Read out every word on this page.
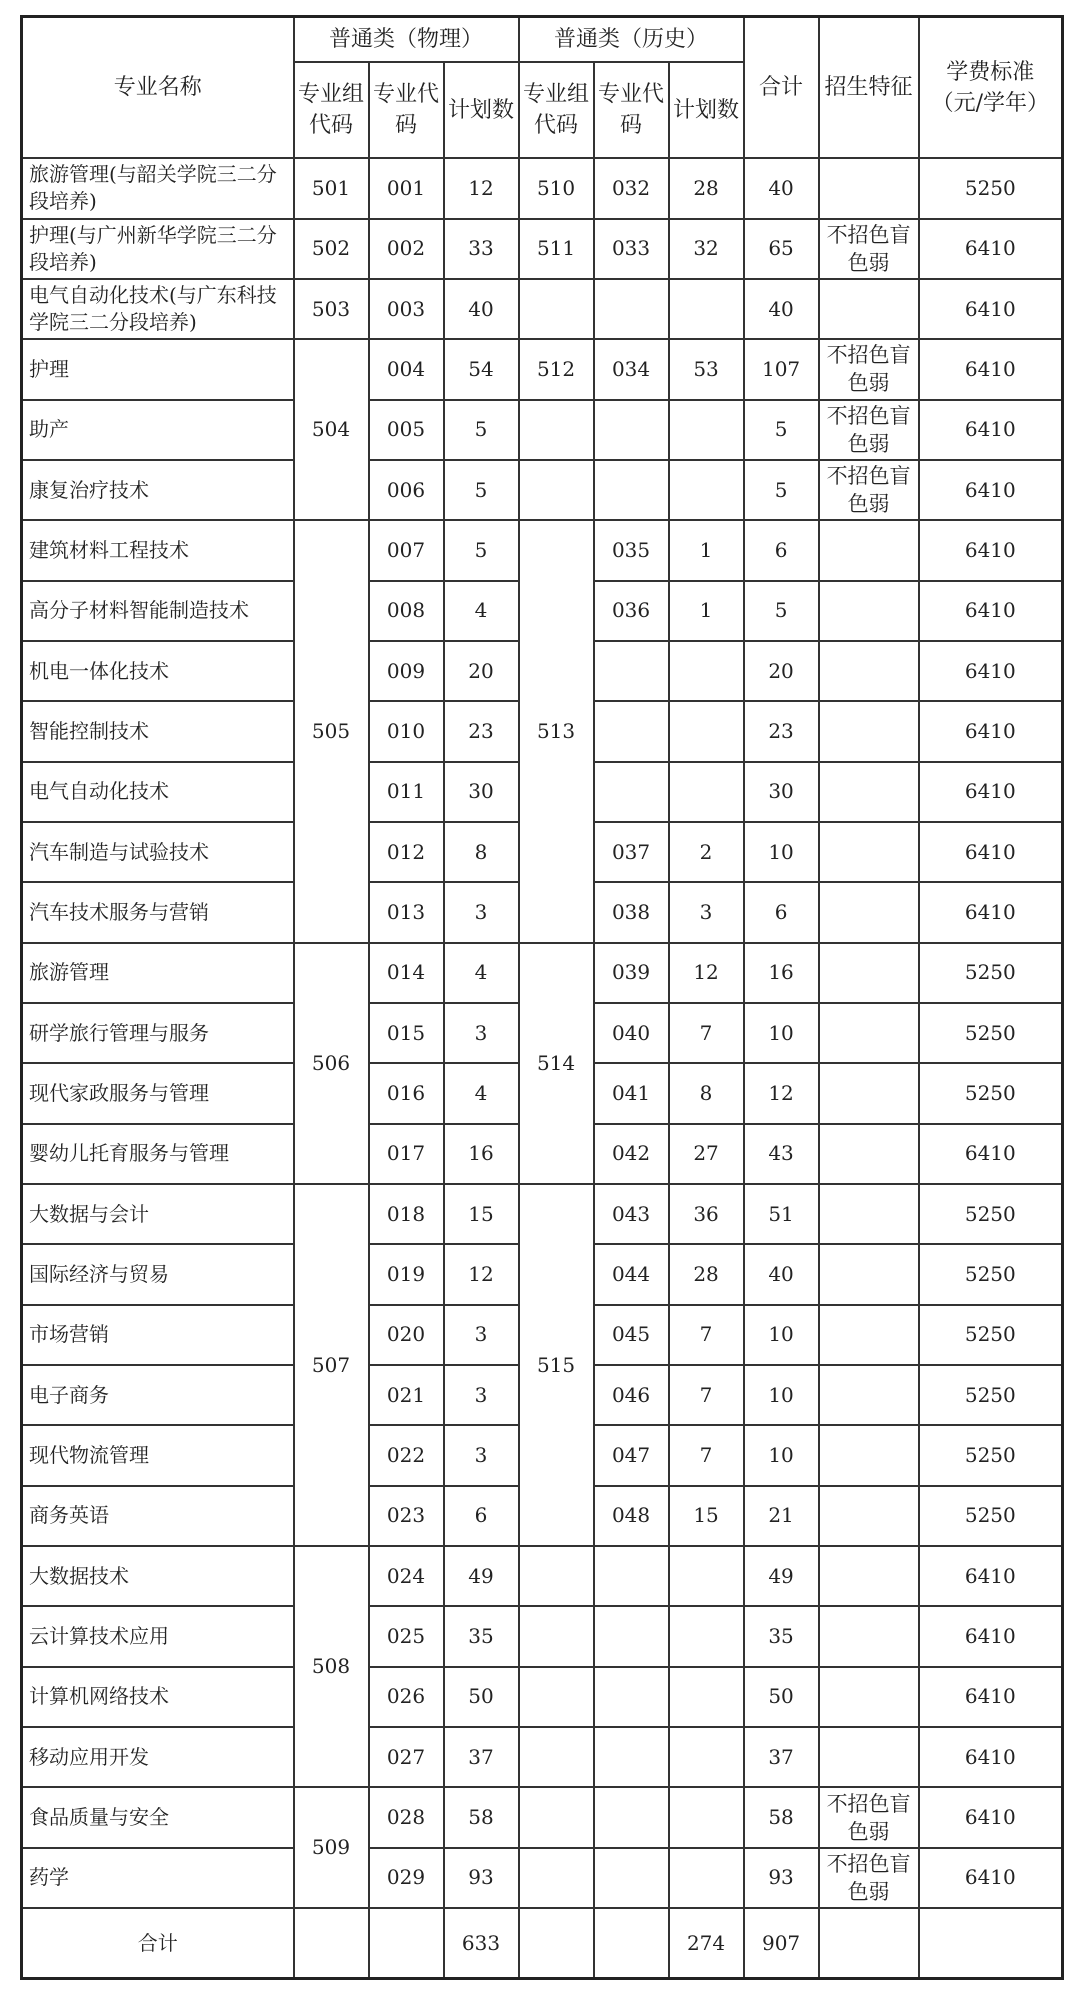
专业名称	普通类（物理）			普通类（历史）			合计	招生特征	学费标准（元/学年）
	专业组代码	专业代码	计划数	专业组代码	专业代码	计划数			
旅游管理(与韶关学院三二分段培养)	501	001	12	510	032	28	40		5250
护理(与广州新华学院三二分段培养)	502	002	33	511	033	32	65	不招色盲色弱	6410
电气自动化技术(与广东科技学院三二分段培养)	503	003	40				40		6410
护理	504	004	54	512	034	53	107	不招色盲色弱	6410
助产		005	5				5	不招色盲色弱	6410
康复治疗技术		006	5				5	不招色盲色弱	6410
建筑材料工程技术	505	007	5	513	035	1	6		6410
高分子材料智能制造技术		008	4		036	1	5		6410
机电一体化技术		009	20				20		6410
智能控制技术		010	23				23		6410
电气自动化技术		011	30				30		6410
汽车制造与试验技术		012	8		037	2	10		6410
汽车技术服务与营销		013	3		038	3	6		6410
旅游管理	506	014	4	514	039	12	16		5250
研学旅行管理与服务		015	3		040	7	10		5250
现代家政服务与管理		016	4		041	8	12		5250
婴幼儿托育服务与管理		017	16		042	27	43		6410
大数据与会计	507	018	15	515	043	36	51		5250
国际经济与贸易		019	12		044	28	40		5250
市场营销		020	3		045	7	10		5250
电子商务		021	3		046	7	10		5250
现代物流管理		022	3		047	7	10		5250
商务英语		023	6		048	15	21		5250
大数据技术	508	024	49				49		6410
云计算技术应用		025	35				35		6410
计算机网络技术		026	50				50		6410
移动应用开发		027	37				37		6410
食品质量与安全	509	028	58				58	不招色盲色弱	6410
药学		029	93				93	不招色盲色弱	6410
合计			633			274	907		
